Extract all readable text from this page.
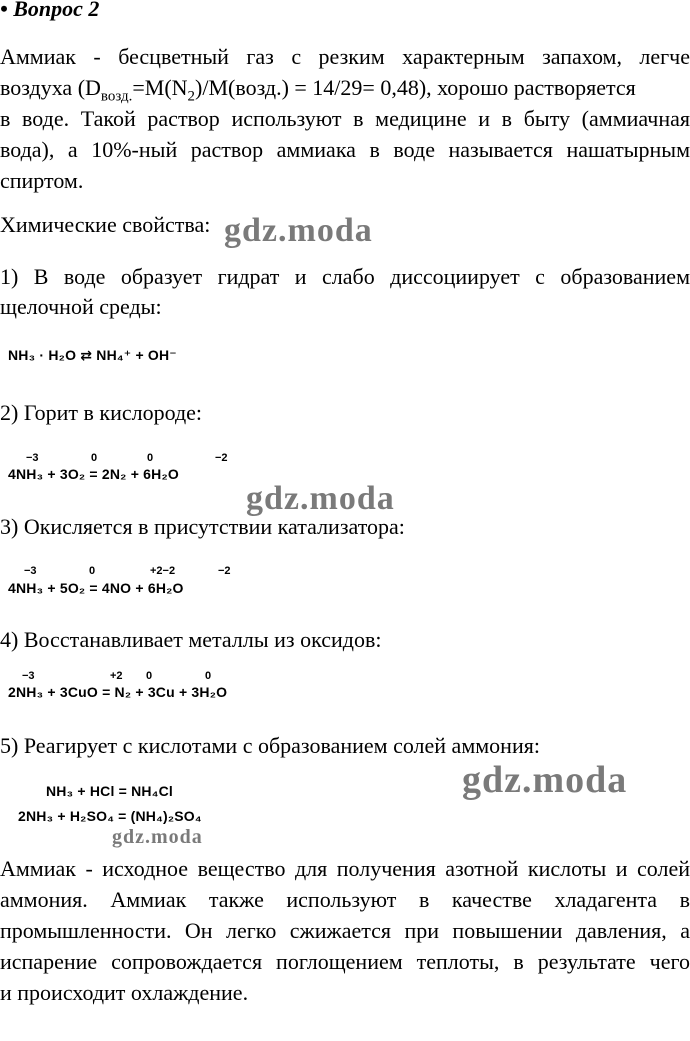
• Вопрос 2
Аммиак - бесцветный газ с резким характерным запахом, легче
воздуха $(D_{возд.}=M(N_2)/M(возд.) = 14/29= 0,48)$, хорошо растворяется
в воде. Такой раствор используют в медицине и в быту (аммиачная
вода), а 10%-ный раствор аммиака в воде называется нашатырным
спиртом.
Химические свойства: gdz.moda
1) В воде образует гидрат и слабо диссоциирует с образованием
щелочной среды:
NH₃ · H₂O ⇄ NH₄⁺ + OH⁻
2) Горит в кислороде:
−3	0	0	−2
4NH₃ + 3O₂ = 2N₂ + 6H₂O
gdz.moda
3) Окисляется в присутствии катализатора:
−3	0	+2−2	−2
4NH₃ + 5O₂ = 4NO + 6H₂O
4) Восстанавливает металлы из оксидов:
−3	+2 0	0
2NH₃ + 3CuO = N₂ + 3Cu + 3H₂O
5) Реагирует с кислотами с образованием солей аммония:
gdz.moda
NH₃ + HCl = NH₄Cl
2NH₃ + H₂SO₄ = (NH₄)₂SO₄
gdz.moda
Аммиак - исходное вещество для получения азотной кислоты и солей
аммония. Аммиак также используют в качестве хладагента в
промышленности. Он легко сжижается при повышении давления, а
испарение сопровождается поглощением теплоты, в результате чего
и происходит охлаждение.
